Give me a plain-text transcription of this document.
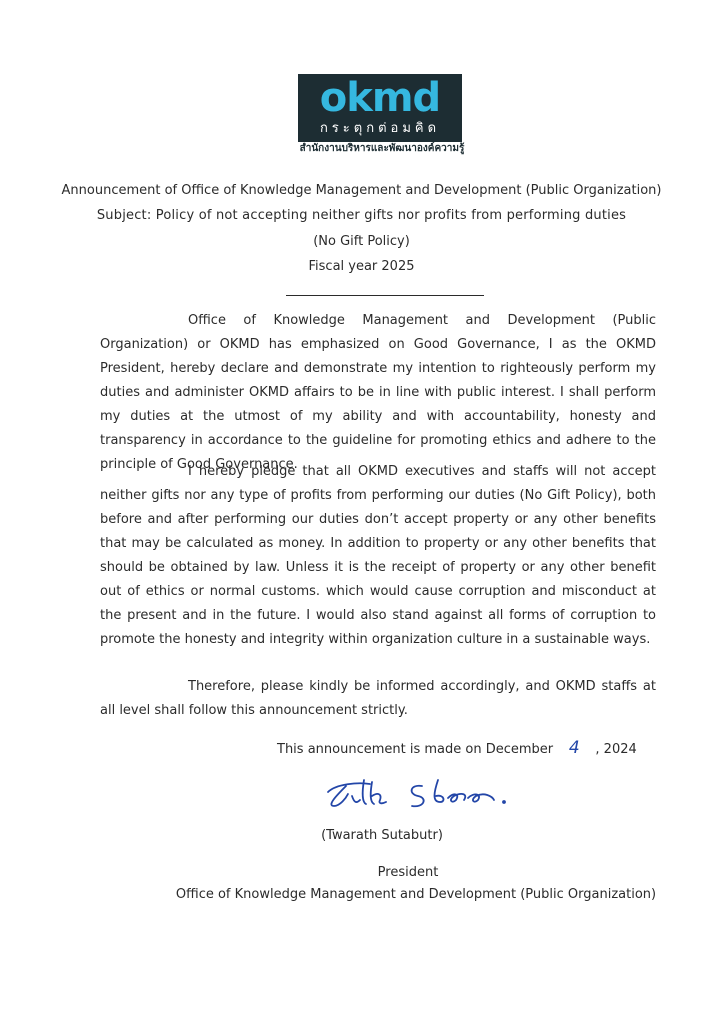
okmd
กระตุกต่อมคิด
สำนักงานบริหารและพัฒนาองค์ความรู้
Announcement of Office of Knowledge Management and Development (Public Organization)
Subject: Policy of not accepting neither gifts nor profits from performing duties
(No Gift Policy)
Fiscal year 2025
Office of Knowledge Management and Development (Public Organization) or OKMD has emphasized on Good Governance, I as the OKMD President, hereby declare and demonstrate my intention to righteously perform my duties and administer OKMD affairs to be in line with public interest. I shall perform my duties at the utmost of my ability and with accountability, honesty and transparency in accordance to the guideline for promoting ethics and adhere to the principle of Good Governance.
I hereby pledge that all OKMD executives and staffs will not accept neither gifts nor any type of profits from performing our duties (No Gift Policy), both before and after performing our duties don’t accept property or any other benefits that may be calculated as money. In addition to property or any other benefits that should be obtained by law. Unless it is the receipt of property or any other benefit out of ethics or normal customs. which would cause corruption and misconduct at the present and in the future. I would also stand against all forms of corruption to promote the honesty and integrity within organization culture in a sustainable ways.
Therefore, please kindly be informed accordingly, and OKMD staffs at all level shall follow this announcement strictly.
This announcement is made on December 4 , 2024
(Twarath Sutabutr)
President
Office of Knowledge Management and Development (Public Organization)
